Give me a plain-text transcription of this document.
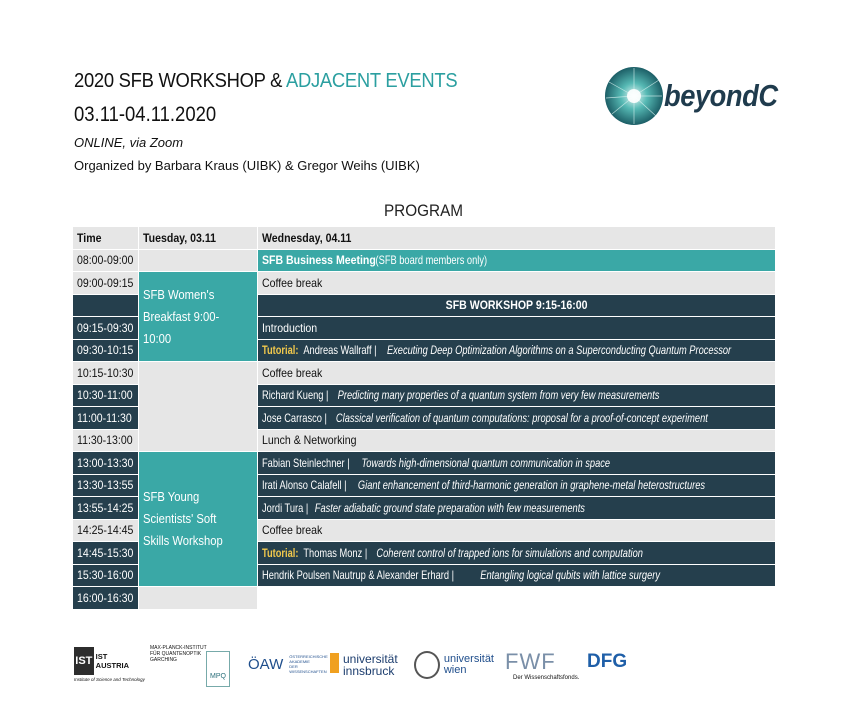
2020 SFB WORKSHOP & ADJACENT EVENTS
03.11-04.11.2020
ONLINE, via Zoom
Organized by Barbara Kraus (UIBK) & Gregor Weihs (UIBK)
beyondC
PROGRAM
Time	Tuesday, 03.11	Wednesday, 04.11
08:00-09:00		SFB Business Meeting(SFB board members only)
09:00-09:15	SFB Women's Breakfast 9:00-10:00	Coffee break
		SFB WORKSHOP 9:15-16:00
09:15-09:30		Introduction
09:30-10:15		Tutorial:Andreas Wallraff |Executing Deep Optimization Algorithms on a Superconducting Quantum Processor
10:15-10:30		Coffee break
10:30-11:00		Richard Kueng |Predicting many properties of a quantum system from very few measurements
11:00-11:30		Jose Carrasco |Classical verification of quantum computations: proposal for a proof-of-concept experiment
11:30-13:00		Lunch & Networking
13:00-13:30	SFB Young Scientists' Soft Skills Workshop	Fabian Steinlechner |Towards high-dimensional quantum communication in space
13:30-13:55		Irati Alonso Calafell |Giant enhancement of third-harmonic generation in graphene-metal heterostructures
13:55-14:25		Jordi Tura |Faster adiabatic ground state preparation with few measurements
14:25-14:45		Coffee break
14:45-15:30		Tutorial:Thomas Monz |Coherent control of trapped ions for simulations and computation
15:30-16:00		Hendrik Poulsen Nautrup & Alexander Erhard |Entangling logical qubits with lattice surgery
16:00-16:30		
IST IST AUSTRIA
Institute of Science and Technology
MAX-PLANCK-INSTITUT
FÜR QUANTENOPTIK
GARCHING
MPQ
ÖAW ÖSTERREICHISCHE AKADEMIE DER WISSENSCHAFTEN
universität
innsbruck
universität
wien	FWF
Der Wissenschaftsfonds.
DFG
